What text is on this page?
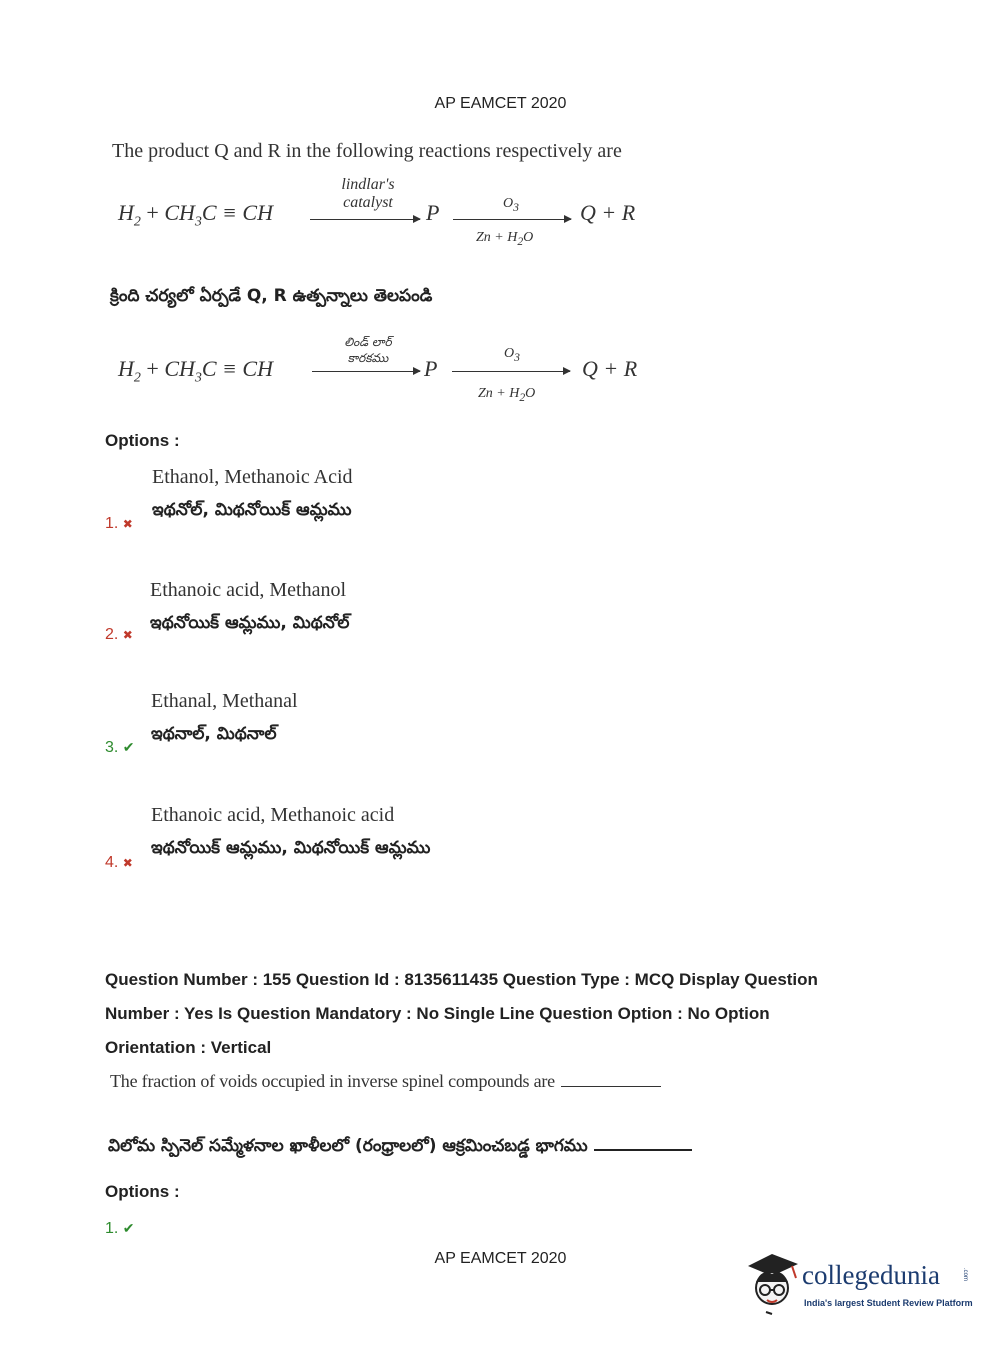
AP EAMCET 2020
The product Q and R in the following reactions respectively are
$H_2 + CH_3C$ ≡ CH
lindlar's
catalyst	P	$O_3$
$Zn + H_2O$
Q + R
క్రింది చర్యలో ఏర్పడే Q, R ఉత్పన్నాలు తెలపండి
$H_2 + CH_3C$ ≡ CH
లిండ్ లార్
కారకము	P
$O_3$
$Zn + H_2O$
Q + R
Options :
Ethanol, Methanoic Acid
ఇథనోల్, మిథనోయిక్ ఆమ్లము
1. ✖
Ethanoic acid, Methanol
ఇథనోయిక్ ఆమ్లము, మిథనోల్
2. ✖
Ethanal, Methanal
ఇథనాల్, మిథనాల్
3. ✔
Ethanoic acid, Methanoic acid
ఇథనోయిక్ ఆమ్లము, మిథనోయిక్ ఆమ్లము
4. ✖
Question Number : 155 Question Id : 8135611435 Question Type : MCQ Display Question
Number : Yes Is Question Mandatory : No Single Line Question Option : No Option
Orientation : Vertical
The fraction of voids occupied in inverse spinel compounds are
విలోమ స్పినెల్ సమ్మేళనాల ఖాళీలలో (రంధ్రాలలో) ఆక్రమించబడ్డ భాగము
Options :
1. ✔
AP EAMCET 2020
collegedunia	.com
India's largest Student Review Platform
